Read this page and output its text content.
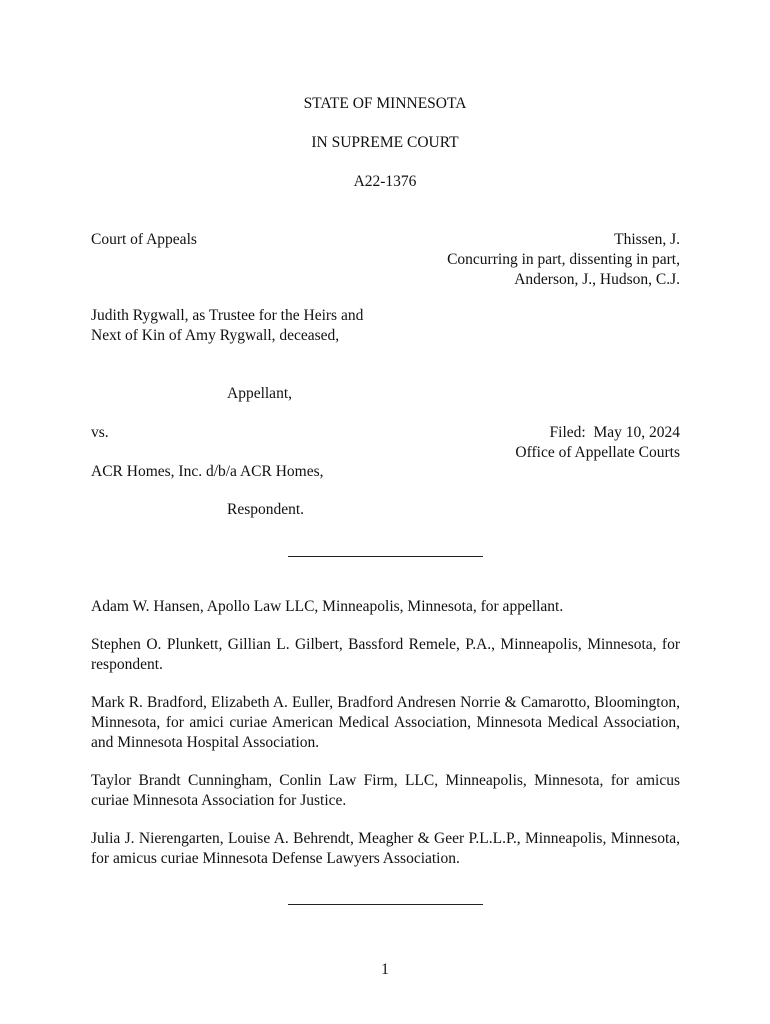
STATE OF MINNESOTA
IN SUPREME COURT
A22-1376
Court of Appeals	Thissen, J.
Concurring in part, dissenting in part,
Anderson, J., Hudson, C.J.
Judith Rygwall, as Trustee for the Heirs and
Next of Kin of Amy Rygwall, deceased,
Appellant,
vs.	Filed:  May 10, 2024
Office of Appellate Courts
ACR Homes, Inc. d/b/a ACR Homes,
Respondent.
Adam W. Hansen, Apollo Law LLC, Minneapolis, Minnesota, for appellant.
Stephen O. Plunkett, Gillian L. Gilbert, Bassford Remele, P.A., Minneapolis, Minnesota, for respondent.
Mark R. Bradford, Elizabeth A. Euller, Bradford Andresen Norrie & Camarotto, Bloomington, Minnesota, for amici curiae American Medical Association, Minnesota Medical Association, and Minnesota Hospital Association.
Taylor Brandt Cunningham, Conlin Law Firm, LLC, Minneapolis, Minnesota, for amicus curiae Minnesota Association for Justice.
Julia J. Nierengarten, Louise A. Behrendt, Meagher & Geer P.L.L.P., Minneapolis, Minnesota, for amicus curiae Minnesota Defense Lawyers Association.
1
